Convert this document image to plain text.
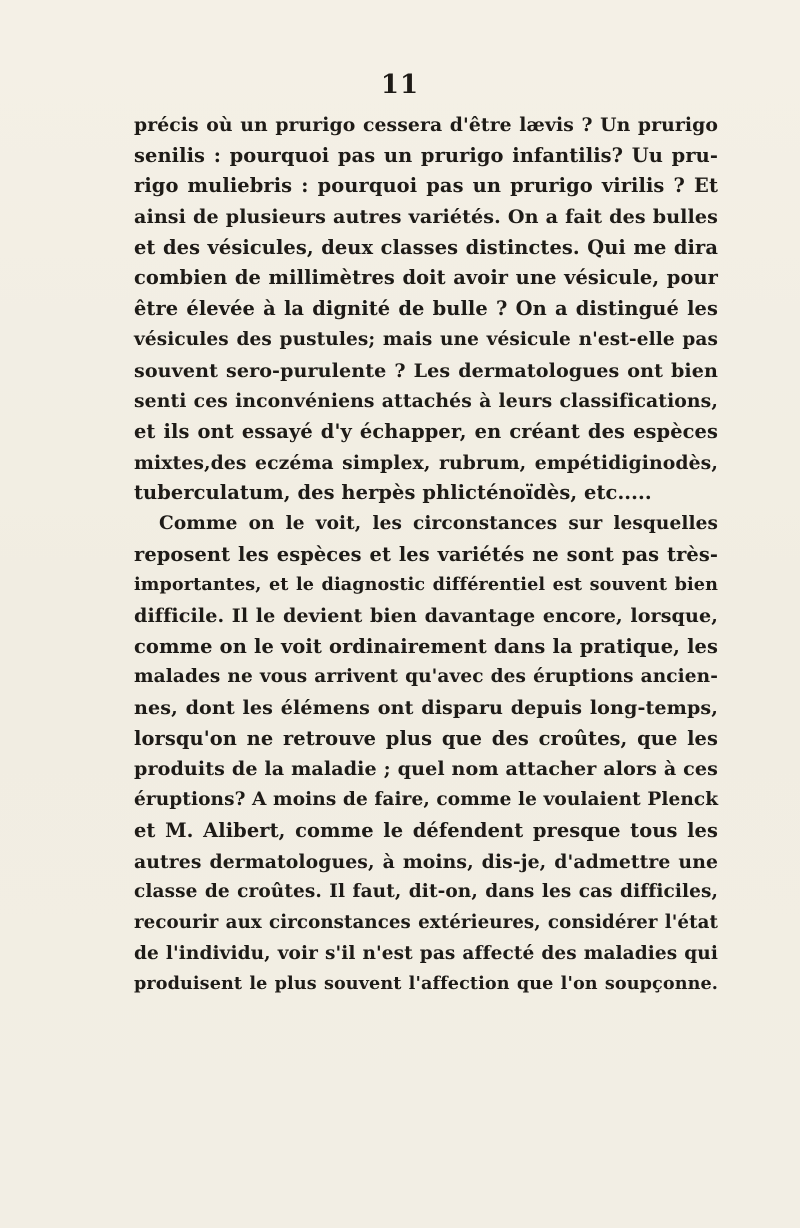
11

précis où un prurigo cessera d'être lævis ? Un prurigo
senilis : pourquoi pas un prurigo infantilis? Uu pru-
rigo muliebris : pourquoi pas un prurigo virilis ? Et
ainsi de plusieurs autres variétés. On a fait des bulles
et des vésicules, deux classes distinctes. Qui me dira
combien de millimètres doit avoir une vésicule, pour
être élevée à la dignité de bulle ? On a distingué les
vésicules des pustules; mais une vésicule n'est-elle pas
souvent sero-purulente ? Les dermatologues ont bien
senti ces inconvéniens attachés à leurs classifications,
et ils ont essayé d'y échapper, en créant des espèces
mixtes,des eczéma simplex, rubrum, empétidiginodès,
tuberculatum, des herpès phlicténoïdès, etc.....
Comme on le voit, les circonstances sur lesquelles
reposent les espèces et les variétés ne sont pas très-
importantes, et le diagnostic différentiel est souvent bien
difficile. Il le devient bien davantage encore, lorsque,
comme on le voit ordinairement dans la pratique, les
malades ne vous arrivent qu'avec des éruptions ancien-
nes, dont les élémens ont disparu depuis long-temps,
lorsqu'on ne retrouve plus que des croûtes, que les
produits de la maladie ; quel nom attacher alors à ces
éruptions? A moins de faire, comme le voulaient Plenck
et M. Alibert, comme le défendent presque tous les
autres dermatologues, à moins, dis-je, d'admettre une
classe de croûtes. Il faut, dit-on, dans les cas difficiles,
recourir aux circonstances extérieures, considérer l'état
de l'individu, voir s'il n'est pas affecté des maladies qui
produisent le plus souvent l'affection que l'on soupçonne.
